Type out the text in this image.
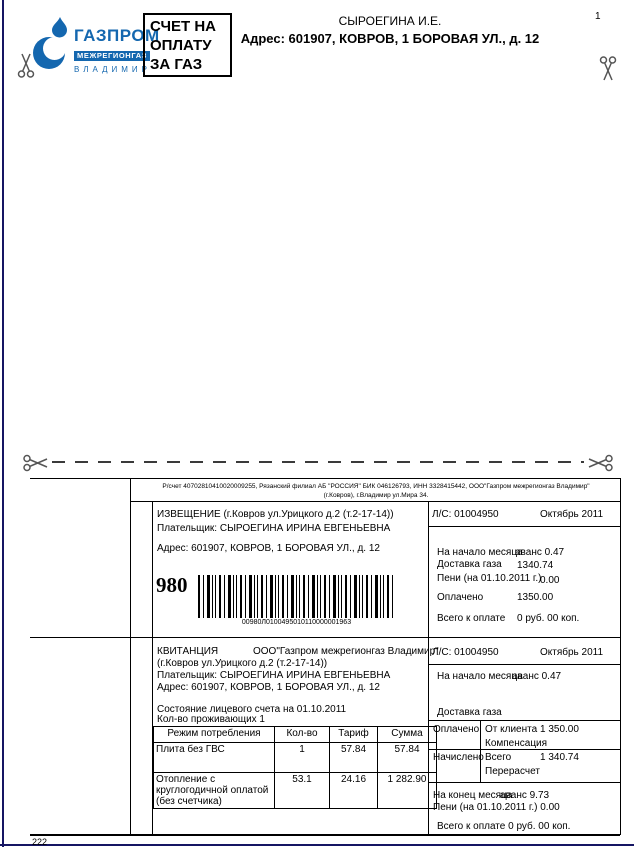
ГАЗПРОМ
МЕЖРЕГИОНГАЗ
ВЛАДИМИР
СЧЕТ НА
ОПЛАТУ
ЗА ГАЗ
СЫРОЕГИНА И.Е.
Адрес: 601907, КОВРОВ, 1 БОРОВАЯ УЛ., д. 12
1
Р/счет 40702810410020009255, Рязанский филиал АБ "РОССИЯ" БИК 046126793, ИНН 3328415442, ООО"Газпром межрегионгаз Владимир"
(г.Ковров), г.Владимир ул.Мира 34.
ИЗВЕЩЕНИЕ (г.Ковров ул.Урицкого д.2 (т.2-17-14))
Плательщик: СЫРОЕГИНА ИРИНА ЕВГЕНЬЕВНА
Адрес: 601907, КОВРОВ, 1 БОРОВАЯ УЛ., д. 12
980
00980Л0100495010110000001963
Л/С: 01004950	Октябрь 2011
На начало месяца
аванс 0.47
Доставка газа 1340.74
Пени (на 01.10.2011 г.)
0.00
Оплачено	1350.00
Всего к оплате 0 руб. 00 коп.
КВИТАНЦИЯ	ООО"Газпром межрегионгаз Владимир"
(г.Ковров ул.Урицкого д.2 (т.2-17-14))
Плательщик: СЫРОЕГИНА ИРИНА ЕВГЕНЬЕВНА
Адрес: 601907, КОВРОВ, 1 БОРОВАЯ УЛ., д. 12
Состояние лицевого счета на 01.10.2011
Кол-во проживающих 1
Режим потребления	Кол-во	Тариф	Сумма
Плита без ГВС	1	57.84	57.84
Отопление с круглогодичной оплатой (без счетчика)	53.1	24.16	1 282.90
Л/С: 01004950	Октябрь 2011
На начало месяца
аванс 0.47
Доставка газа
Оплачено От клиента 1 350.00
Компенсация
Начислено Всего	1 340.74
Перерасчет
На конец месяца
аванс 9.73
Пени (на 01.10.2011 г.) 0.00
Всего к оплате 0 руб. 00 коп.
222
